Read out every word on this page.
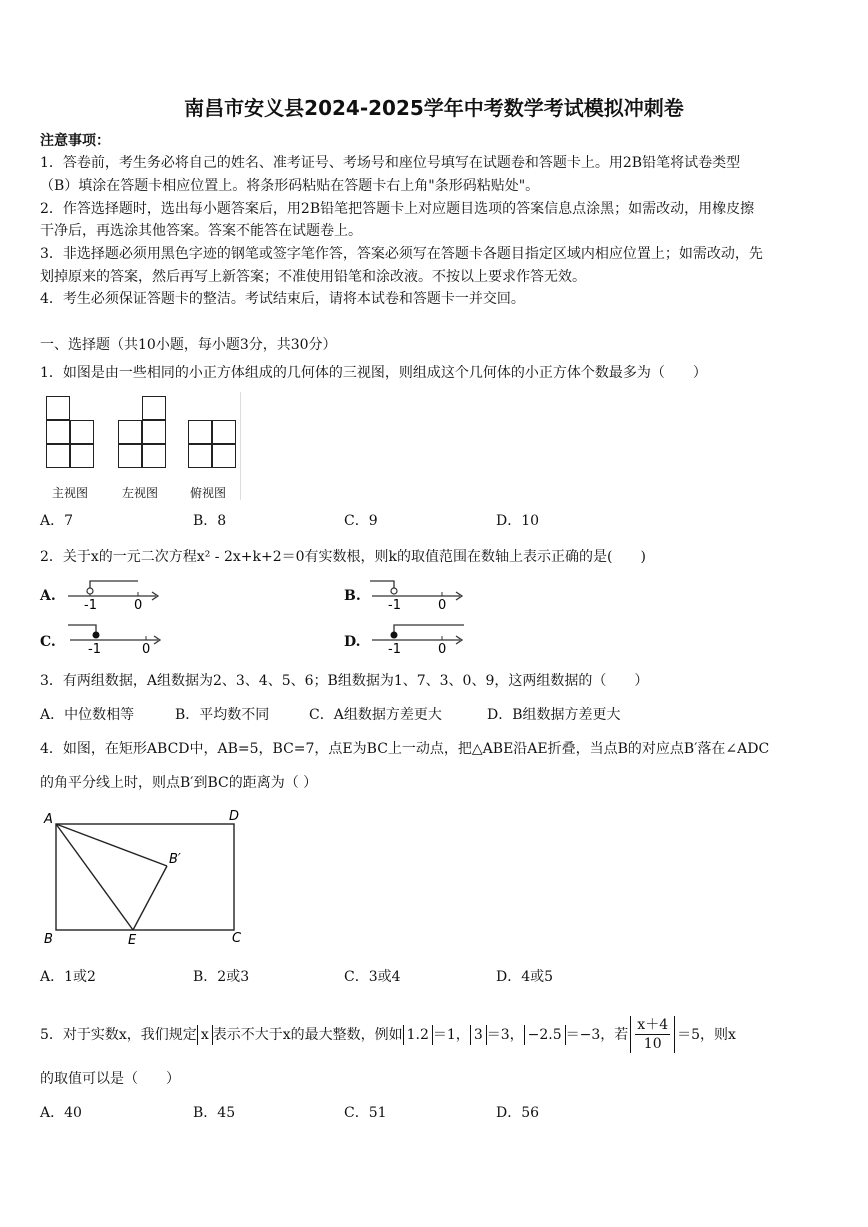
南昌市安义县2024-2025学年中考数学考试模拟冲刺卷
注意事项：
1．答卷前，考生务必将自己的姓名、准考证号、考场号和座位号填写在试题卷和答题卡上。用2B铅笔将试卷类型
（B）填涂在答题卡相应位置上。将条形码粘贴在答题卡右上角"条形码粘贴处"。
2．作答选择题时，选出每小题答案后，用2B铅笔把答题卡上对应题目选项的答案信息点涂黑；如需改动，用橡皮擦
干净后，再选涂其他答案。答案不能答在试题卷上。
3．非选择题必须用黑色字迹的钢笔或签字笔作答，答案必须写在答题卡各题目指定区域内相应位置上；如需改动，先
划掉原来的答案，然后再写上新答案；不准使用铅笔和涂改液。不按以上要求作答无效。
4．考生必须保证答题卡的整洁。考试结束后，请将本试卷和答题卡一并交回。
一、选择题（共10小题，每小题3分，共30分）
1．如图是由一些相同的小正方体组成的几何体的三视图，则组成这个几何体的小正方体个数最多为（　　）
主视图	左视图	俯视图
A．7	B．8	C．9	D．10
2．关于x的一元二次方程x² - 2x+k+2＝0有实数根，则k的取值范围在数轴上表示正确的是(　　)
A.
-1	0
B.
-1	0
C. -1	0	D. -1	0
3．有两组数据，A组数据为2、3、4、5、6；B组数据为1、7、3、0、9，这两组数据的（　　）
A．中位数相等	B．平均数不同	C．A组数据方差更大	D．B组数据方差更大
4．如图，在矩形ABCD中，AB=5，BC=7，点E为BC上一动点，把△ABE沿AE折叠，当点B的对应点B′落在∠ADC
的角平分线上时，则点B′到BC的距离为（ ）
A	D
B′
B	E	C
A．1或2	B．2或3	C．3或4	D．4或5
5．对于实数x，我们规定 x 表示不大于x的最大整数，例如 1.2 ＝1， 3 ＝3， −2.5 ＝−3，若 $\frac{x+4}{10} =5$，则x
的取值可以是（　　）
A．40	B．45	C．51	D．56
